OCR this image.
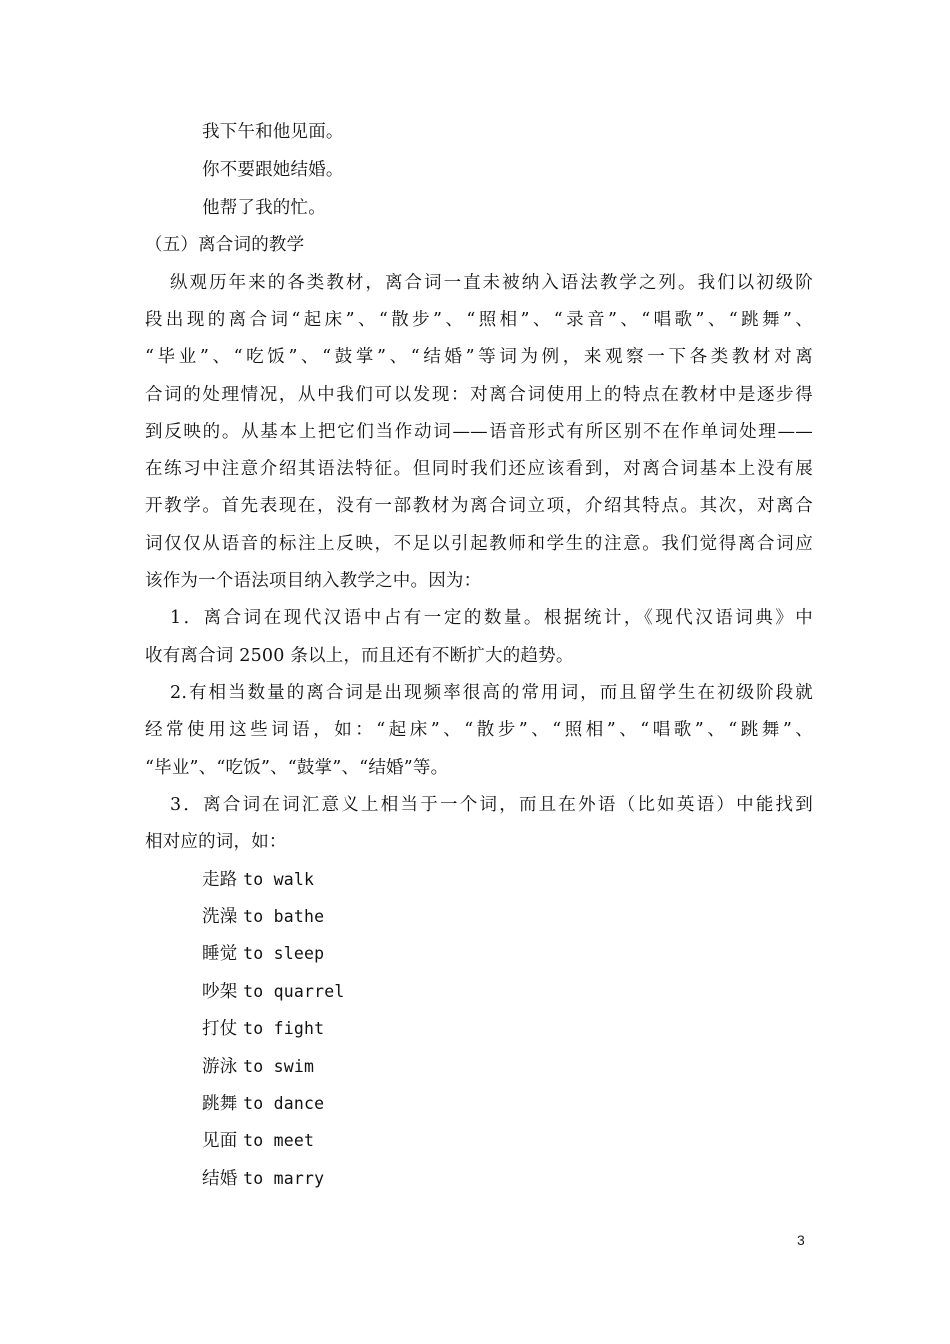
我下午和他见面。
你不要跟她结婚。
他帮了我的忙。
（五）离合词的教学
纵观历年来的各类教材，离合词一直未被纳入语法教学之列。我们以初级阶
段出现的离合词“起床”、“散步”、“照相”、“录音”、“唱歌”、“跳舞”、
“毕业”、“吃饭”、“鼓掌”、“结婚”等词为例，来观察一下各类教材对离
合词的处理情况，从中我们可以发现：对离合词使用上的特点在教材中是逐步得
到反映的。从基本上把它们当作动词——语音形式有所区别不在作单词处理——
在练习中注意介绍其语法特征。但同时我们还应该看到，对离合词基本上没有展
开教学。首先表现在，没有一部教材为离合词立项，介绍其特点。其次，对离合
词仅仅从语音的标注上反映，不足以引起教师和学生的注意。我们觉得离合词应
该作为一个语法项目纳入教学之中。因为：
1．离合词在现代汉语中占有一定的数量。根据统计，《现代汉语词典》中
收有离合词 2500 条以上，而且还有不断扩大的趋势。
2.有相当数量的离合词是出现频率很高的常用词，而且留学生在初级阶段就
经常使用这些词语，如：“起床”、“散步”、“照相”、“唱歌”、“跳舞”、
“毕业”、“吃饭”、“鼓掌”、“结婚”等。
3．离合词在词汇意义上相当于一个词，而且在外语（比如英语）中能找到
相对应的词，如：
走路 to walk
洗澡 to bathe
睡觉 to sleep
吵架 to quarrel
打仗 to fight
游泳 to swim
跳舞 to dance
见面 to meet
结婚 to marry
3
